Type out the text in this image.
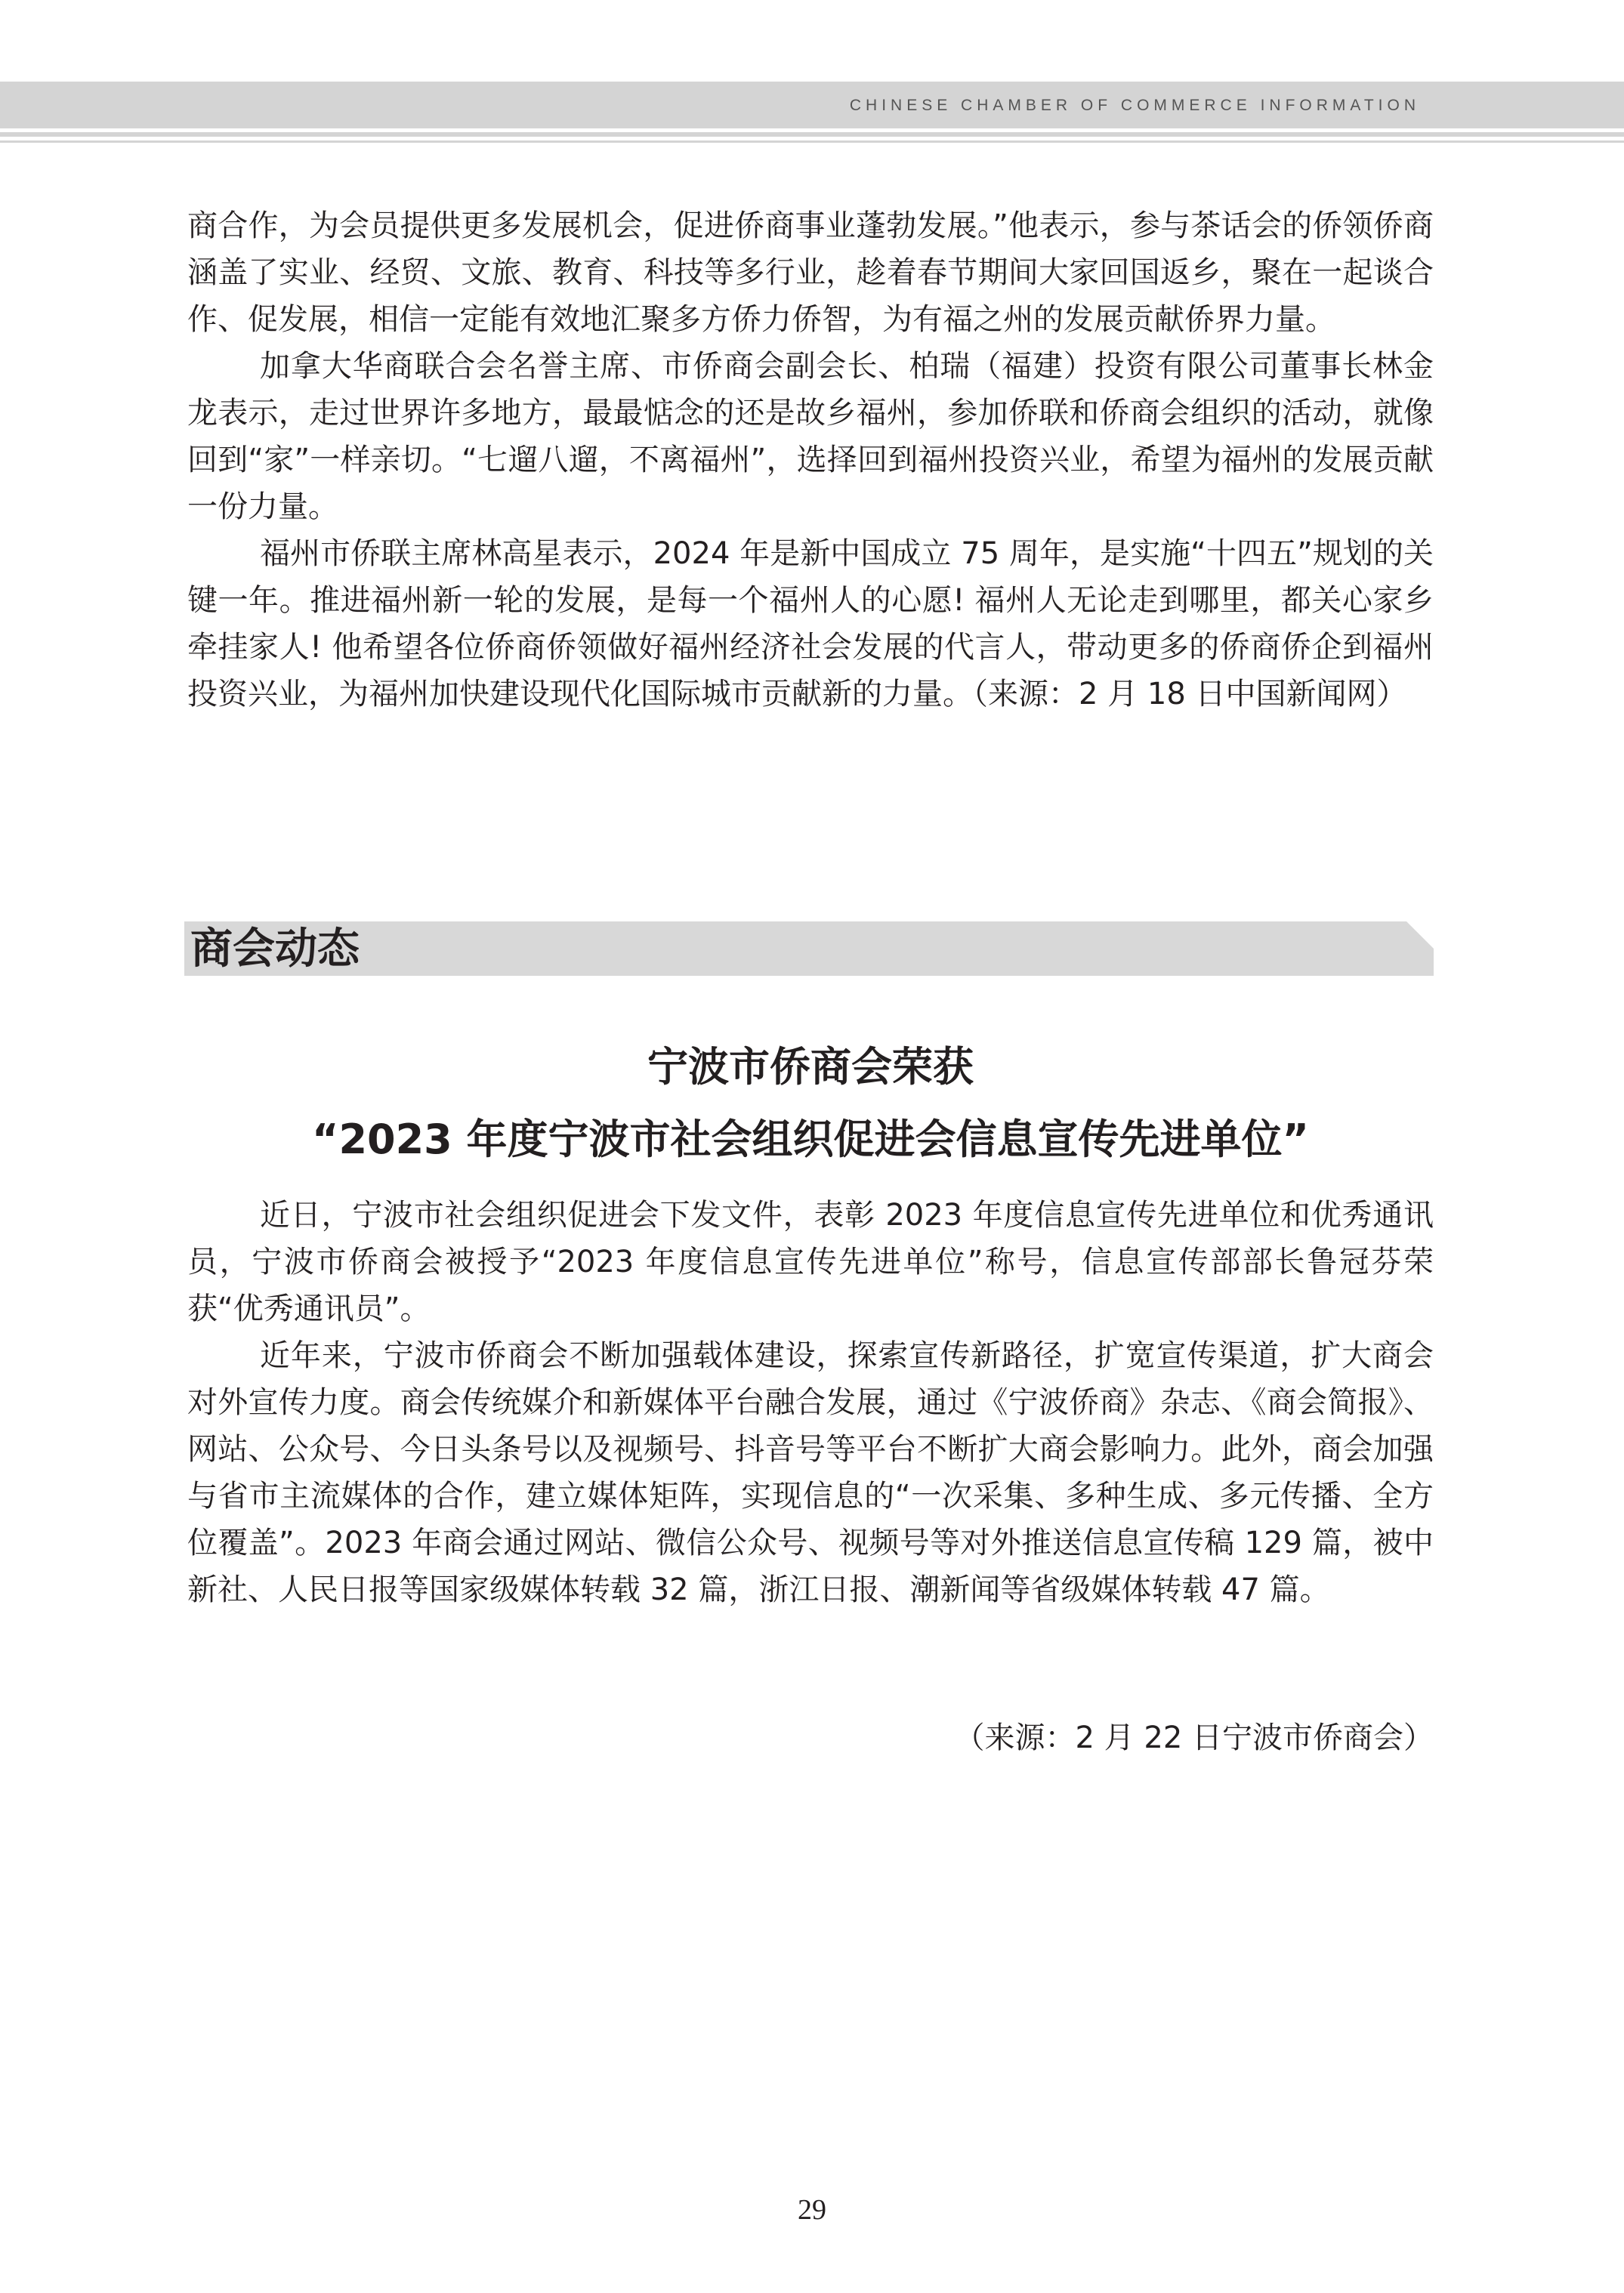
CHINESE CHAMBER OF COMMERCE INFORMATION

商合作，为会员提供更多发展机会，促进侨商事业蓬勃发展。”他表示，参与茶话会的侨领侨商涵盖了实业、经贸、文旅、教育、科技等多行业，趁着春节期间大家回国返乡，聚在一起谈合作、促发展，相信一定能有效地汇聚多方侨力侨智，为有福之州的发展贡献侨界力量。

加拿大华商联合会名誉主席、市侨商会副会长、柏瑞（福建）投资有限公司董事长林金龙表示，走过世界许多地方，最最惦念的还是故乡福州，参加侨联和侨商会组织的活动，就像回到“家”一样亲切。“七遛八遛，不离福州”，选择回到福州投资兴业，希望为福州的发展贡献一份力量。

福州市侨联主席林高星表示，2024 年是新中国成立 75 周年，是实施“十四五”规划的关键一年。推进福州新一轮的发展，是每一个福州人的心愿! 福州人无论走到哪里，都关心家乡牵挂家人! 他希望各位侨商侨领做好福州经济社会发展的代言人，带动更多的侨商侨企到福州投资兴业，为福州加快建设现代化国际城市贡献新的力量。（来源：2 月 18 日中国新闻网）

商会动态
宁波市侨商会荣获
“2023 年度宁波市社会组织促进会信息宣传先进单位”

近日，宁波市社会组织促进会下发文件，表彰 2023 年度信息宣传先进单位和优秀通讯员，宁波市侨商会被授予“2023 年度信息宣传先进单位”称号，信息宣传部部长鲁冠芬荣获“优秀通讯员”。

近年来，宁波市侨商会不断加强载体建设，探索宣传新路径，扩宽宣传渠道，扩大商会对外宣传力度。商会传统媒介和新媒体平台融合发展，通过《宁波侨商》杂志、《商会简报》、网站、公众号、今日头条号以及视频号、抖音号等平台不断扩大商会影响力。此外，商会加强与省市主流媒体的合作，建立媒体矩阵，实现信息的“一次采集、多种生成、多元传播、全方位覆盖”。2023 年商会通过网站、微信公众号、视频号等对外推送信息宣传稿 129 篇，被中新社、人民日报等国家级媒体转载 32 篇，浙江日报、潮新闻等省级媒体转载 47 篇。

（来源：2 月 22 日宁波市侨商会）
29
